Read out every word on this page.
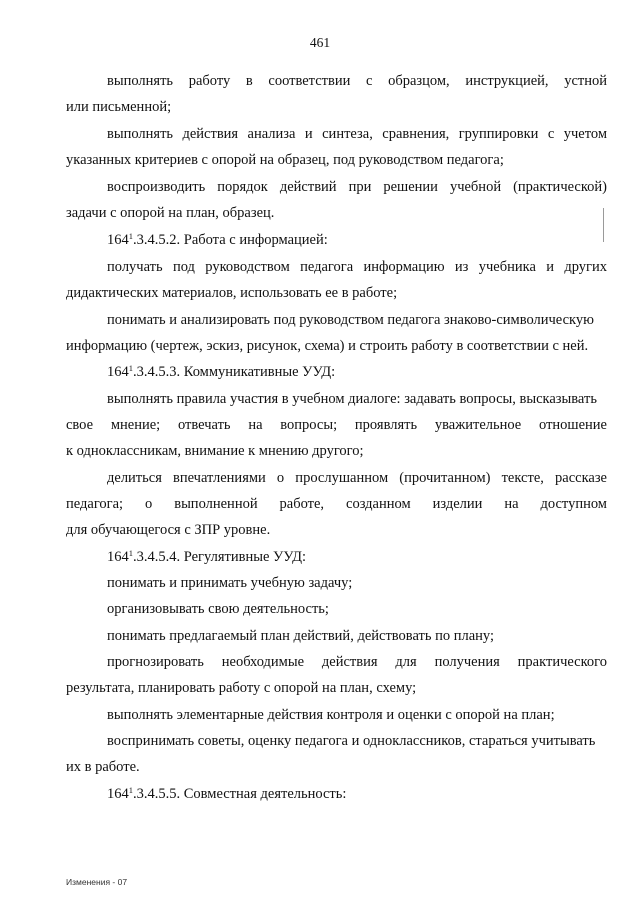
461

выполнять работу в соответствии с образцом, инструкцией, устной

или письменной;

выполнять действия анализа и синтеза, сравнения, группировки с учетом

указанных критериев с опорой на образец, под руководством педагога;

воспроизводить порядок действий при решении учебной (практической)

задачи с опорой на план, образец.

$164^1.3.4.5.2$. Работа с информацией:

получать под руководством педагога информацию из учебника и других

дидактических материалов, использовать ее в работе;

понимать и анализировать под руководством педагога знаково-символическую

информацию (чертеж, эскиз, рисунок, схема) и строить работу в соответствии с ней.

$164^1.3.4.5.3$. Коммуникативные УУД:

выполнять правила участия в учебном диалоге: задавать вопросы, высказывать

свое мнение; отвечать на вопросы; проявлять уважительное отношение

к одноклассникам, внимание к мнению другого;

делиться впечатлениями о прослушанном (прочитанном) тексте, рассказе

педагога; о выполненной работе, созданном изделии на доступном

для обучающегося с ЗПР уровне.

$164^1.3.4.5.4$. Регулятивные УУД:

понимать и принимать учебную задачу;

организовывать свою деятельность;

понимать предлагаемый план действий, действовать по плану;

прогнозировать необходимые действия для получения практического

результата, планировать работу с опорой на план, схему;

выполнять элементарные действия контроля и оценки с опорой на план;

воспринимать советы, оценку педагога и одноклассников, стараться учитывать

их в работе.

$164^1.3.4.5.5$. Совместная деятельность:

Изменения - 07
